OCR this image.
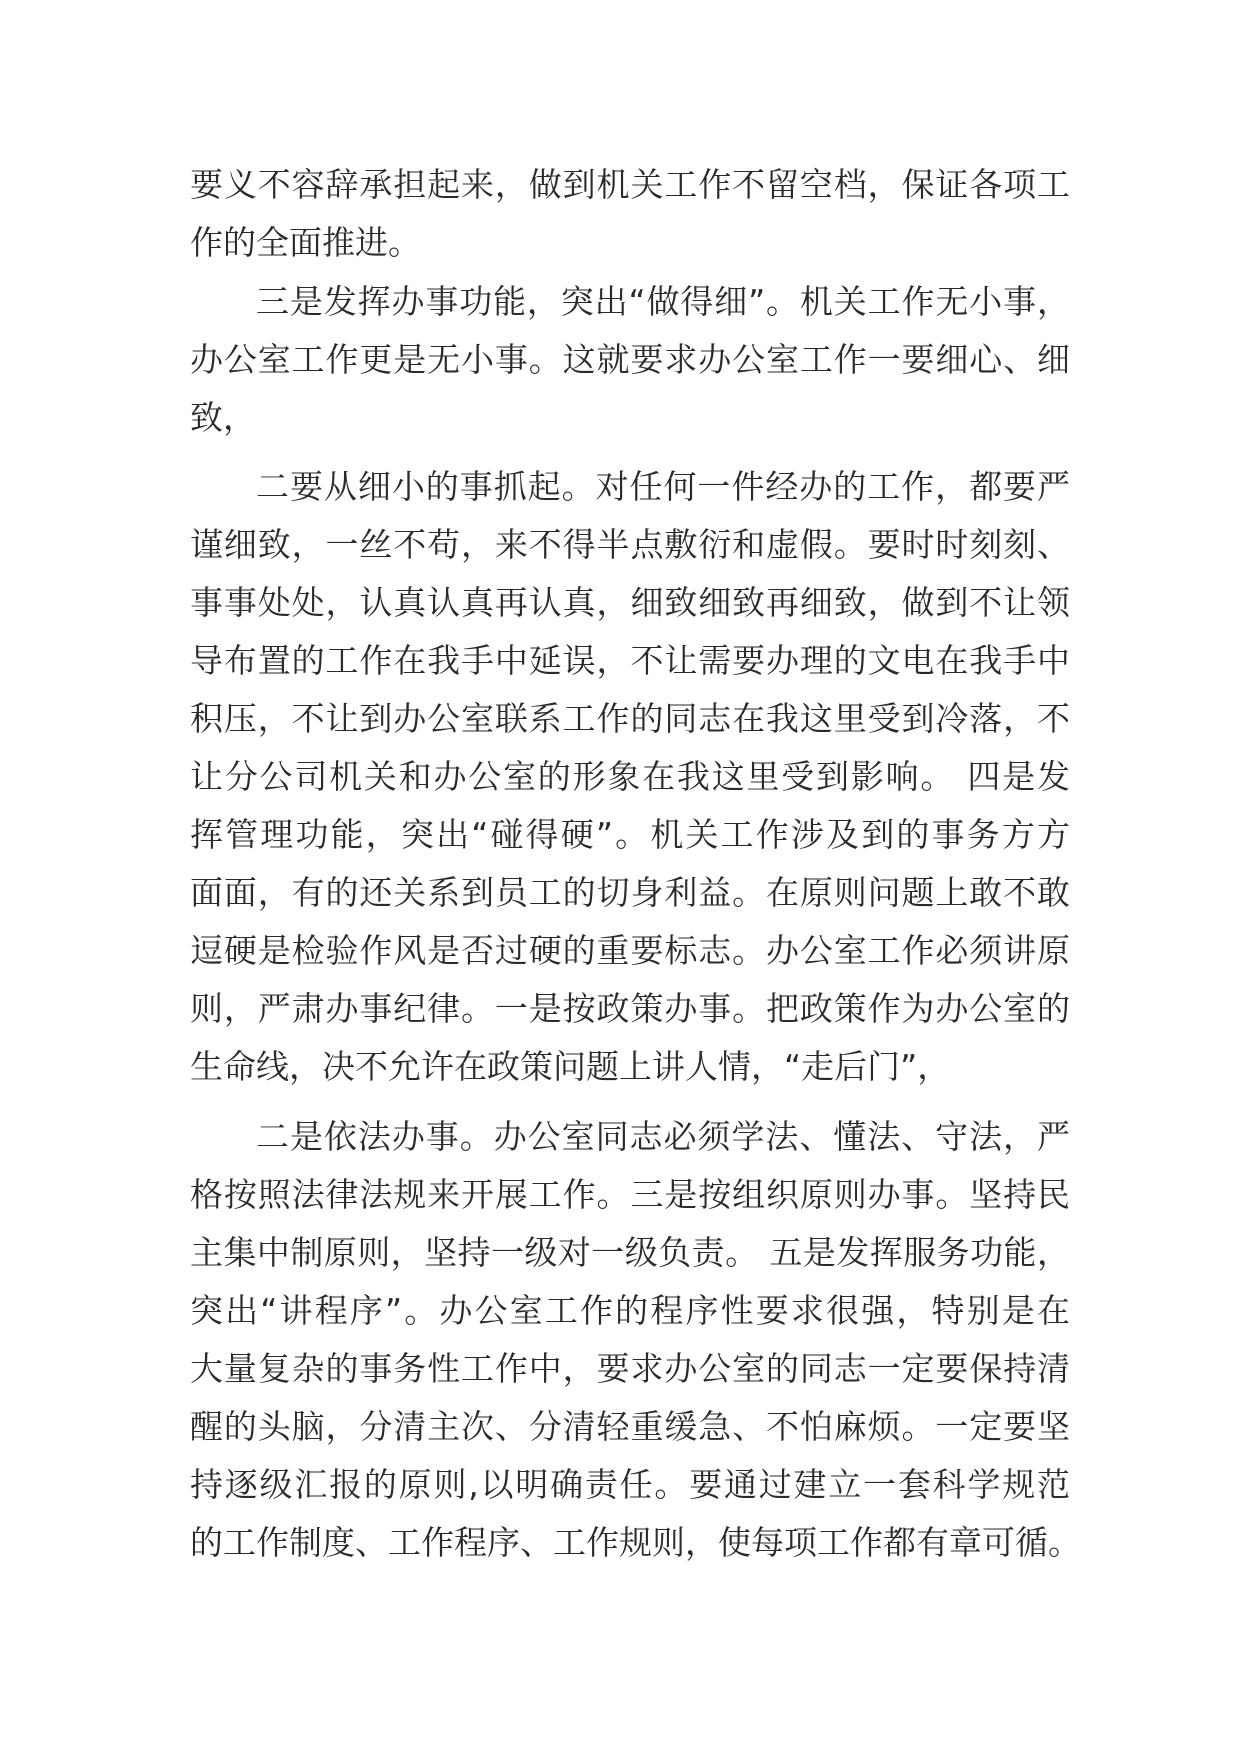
要义不容辞承担起来，做到机关工作不留空档，保证各项工
作的全面推进。
三是发挥办事功能，突出“做得细”。机关工作无小事，
办公室工作更是无小事。这就要求办公室工作一要细心、细
致，
二要从细小的事抓起。对任何一件经办的工作，都要严
谨细致，一丝不苟，来不得半点敷衍和虚假。要时时刻刻、
事事处处，认真认真再认真，细致细致再细致，做到不让领
导布置的工作在我手中延误，不让需要办理的文电在我手中
积压，不让到办公室联系工作的同志在我这里受到冷落，不
让分公司机关和办公室的形象在我这里受到影响。 四是发
挥管理功能，突出“碰得硬”。机关工作涉及到的事务方方
面面，有的还关系到员工的切身利益。在原则问题上敢不敢
逗硬是检验作风是否过硬的重要标志。办公室工作必须讲原
则，严肃办事纪律。一是按政策办事。把政策作为办公室的
生命线，决不允许在政策问题上讲人情，“走后门”，
二是依法办事。办公室同志必须学法、懂法、守法，严
格按照法律法规来开展工作。三是按组织原则办事。坚持民
主集中制原则，坚持一级对一级负责。 五是发挥服务功能，
突出“讲程序”。办公室工作的程序性要求很强，特别是在
大量复杂的事务性工作中，要求办公室的同志一定要保持清
醒的头脑，分清主次、分清轻重缓急、不怕麻烦。一定要坚
持逐级汇报的原则,以明确责任。要通过建立一套科学规范
的工作制度、工作程序、工作规则，使每项工作都有章可循。
